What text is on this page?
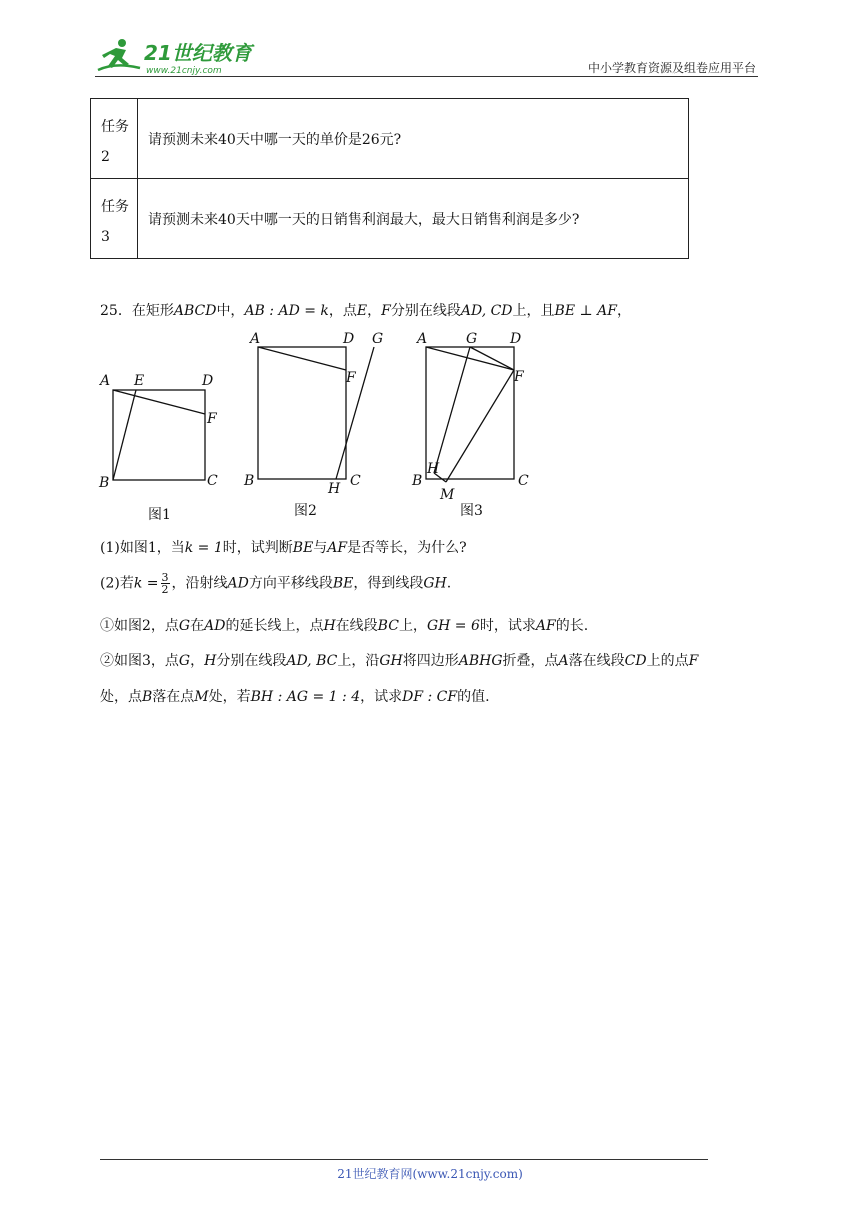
21世纪教育
www.21cnjy.com	中小学教育资源及组卷应用平台
任务
2	请预测未来40天中哪一天的单价是26元?

任务
3	请预测未来40天中哪一天的日销售利润最大，最大日销售利润是多少?
25．在矩形ABCD中，AB : AD = k，点E，F分别在线段AD, CD上，且BE ⊥ AF，
A E	D
F
B	C
图1
A	D G
F
B	C
H
图2
A	G D
F
H
B
M
C
图3
(1)如图1，当k = 1时，试判断BE与AF是否等长，为什么?
(2)若$k = \frac{3}{2}$ ，沿射线AD方向平移线段BE，得到线段GH.
①如图2，点G在AD的延长线上，点H在线段BC上，GH = 6时，试求AF的长.
②如图3，点G，H分别在线段AD, BC上，沿GH将四边形ABHG折叠，点A落在线段CD上的点F
处，点B落在点M处，若BH : AG = 1 : 4，试求DF : CF的值.
21世纪教育网(www.21cnjy.com)
